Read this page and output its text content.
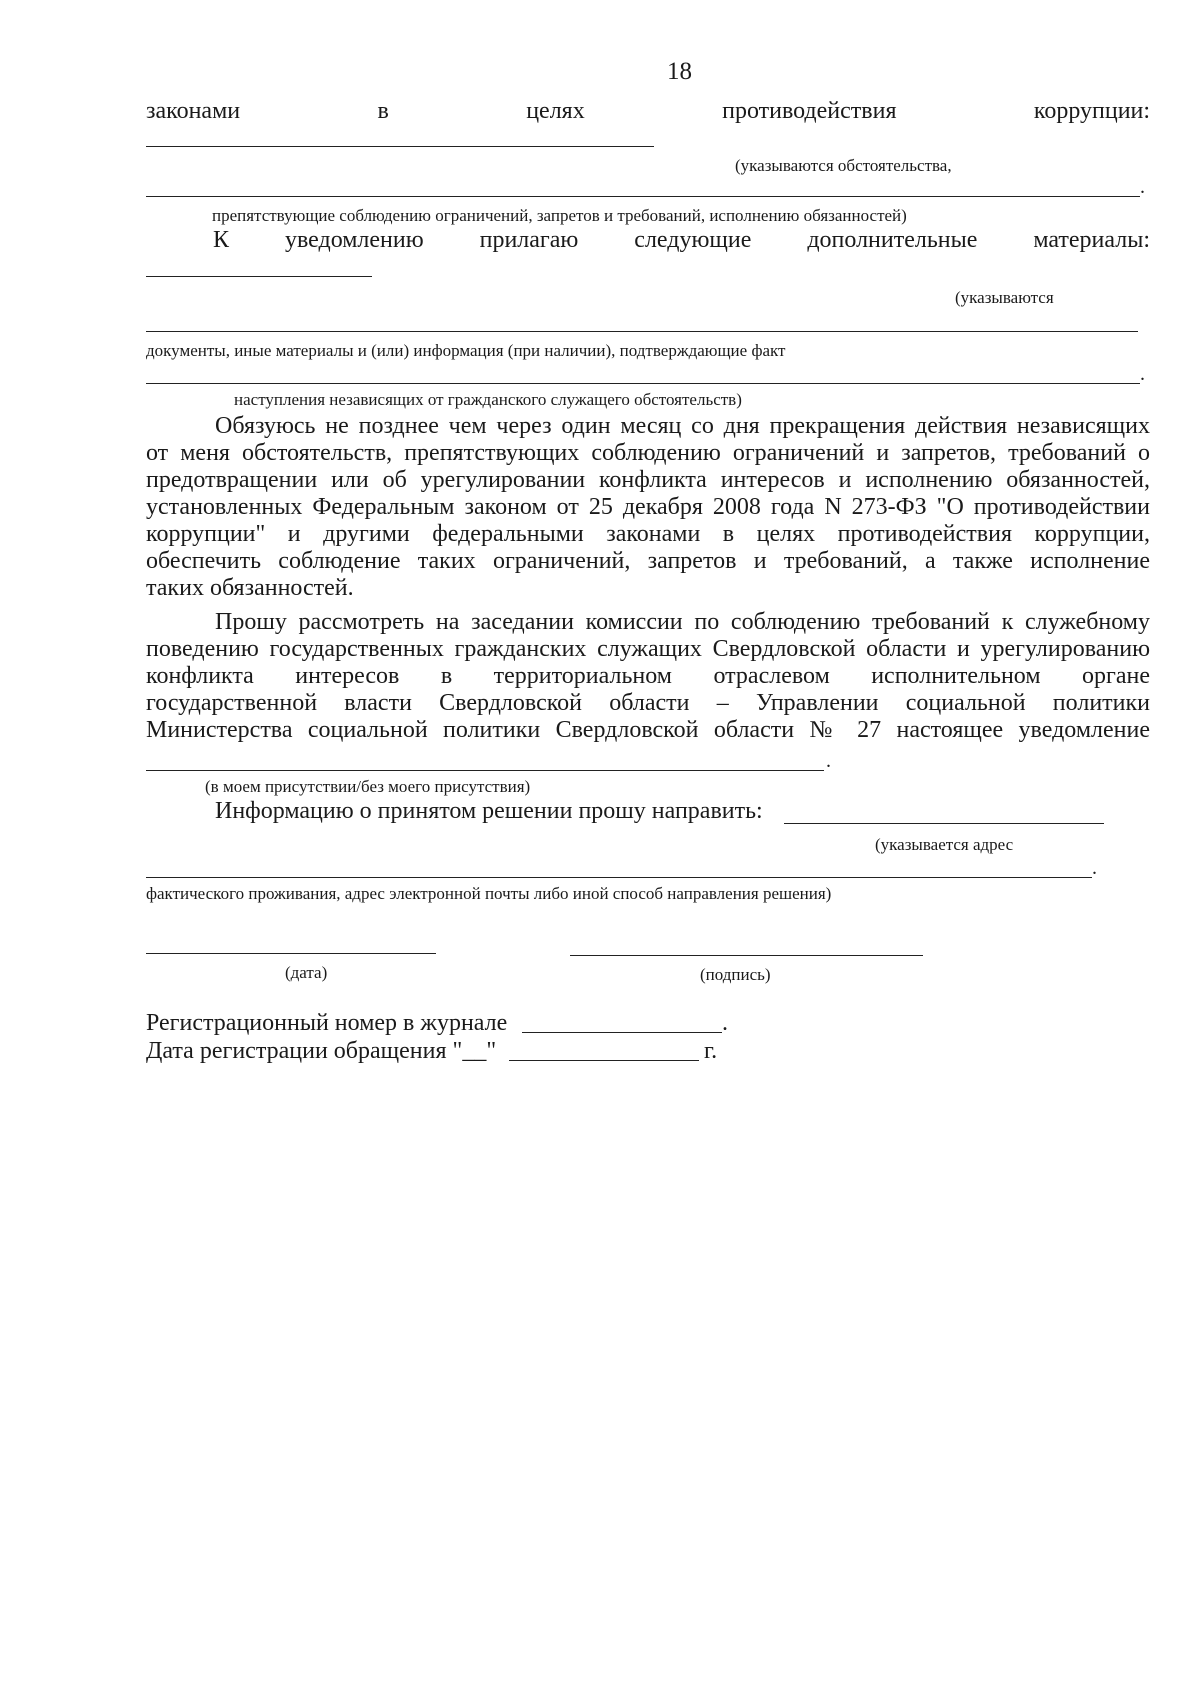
18
законами	в	целях	противодействия	коррупции:
(указываются обстоятельства,
.
препятствующие соблюдению ограничений, запретов и требований, исполнению обязанностей)
К уведомлению прилагаю следующие дополнительные материалы:
(указываются
документы, иные материалы и (или) информация (при наличии), подтверждающие факт
.
наступления независящих от гражданского служащего обстоятельств)
Обязуюсь не позднее чем через один месяц со дня прекращения действия независящих
от меня обстоятельств, препятствующих соблюдению ограничений и запретов, требований о
предотвращении или об урегулировании конфликта интересов и исполнению обязанностей,
установленных Федеральным законом от 25 декабря 2008 года N 273-ФЗ "О противодействии
коррупции" и другими федеральными законами в целях противодействия коррупции,
обеспечить соблюдение таких ограничений, запретов и требований, а также исполнение
таких обязанностей.
Прошу рассмотреть на заседании комиссии по соблюдению требований к служебному
поведению государственных гражданских служащих Свердловской области и урегулированию
конфликта интересов в территориальном отраслевом исполнительном органе
государственной власти Свердловской области – Управлении социальной политики
Министерства социальной политики Свердловской области № 27 настоящее уведомление
.
(в моем присутствии/без моего присутствия)
Информацию о принятом решении прошу направить:
(указывается адрес
.
фактического проживания, адрес электронной почты либо иной способ направления решения)
(дата)	(подпись)
Регистрационный номер в журнале	.
Дата регистрации обращения "__"	г.
